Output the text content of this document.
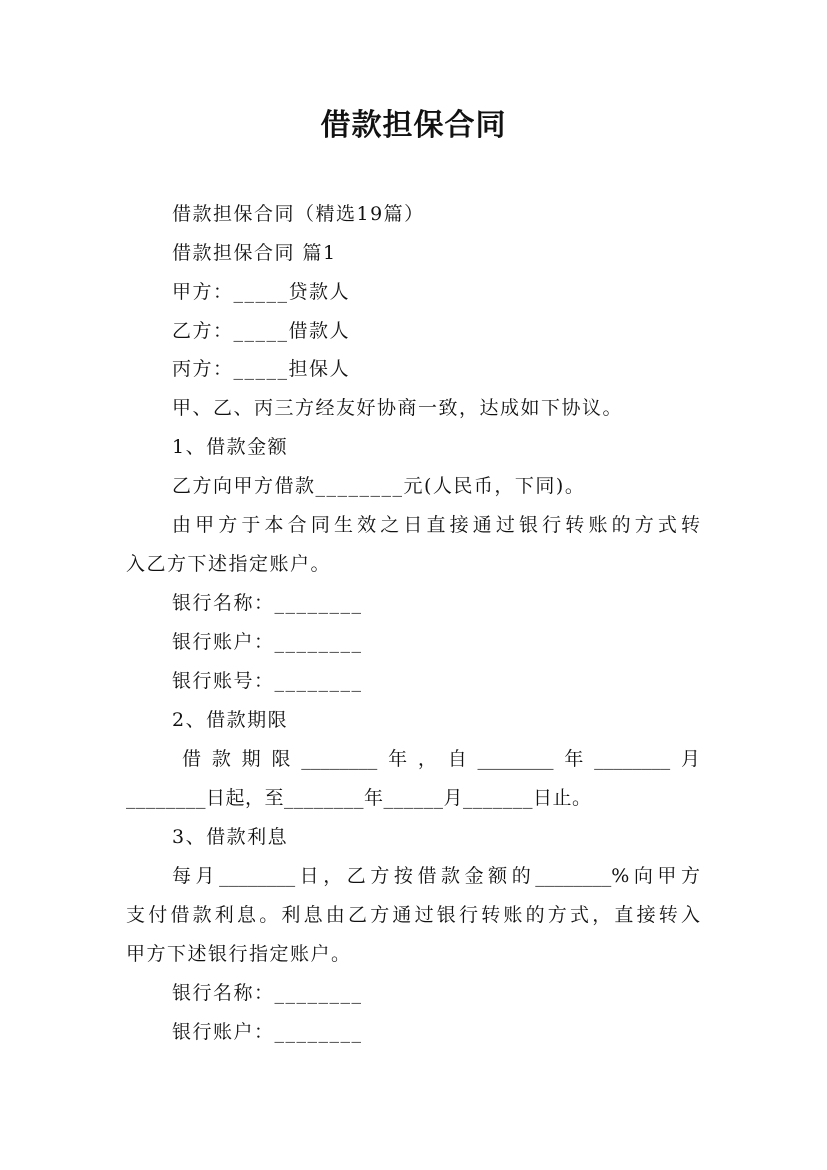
借款担保合同
借款担保合同（精选19篇）
借款担保合同 篇1
甲方：_____贷款人
乙方：_____借款人
丙方：_____担保人
甲、乙、丙三方经友好协商一致，达成如下协议。
1、借款金额
乙方向甲方借款________元(人民币，下同)。
由甲方于本合同生效之日直接通过银行转账的方式转
入乙方下述指定账户。
银行名称：________
银行账户：________
银行账号：________
2、借款期限
借款期限________年，自________年________月
________日起，至________年______月_______日止。
3、借款利息
每月________日，乙方按借款金额的________%向甲方
支付借款利息。利息由乙方通过银行转账的方式，直接转入
甲方下述银行指定账户。
银行名称：________
银行账户：________
